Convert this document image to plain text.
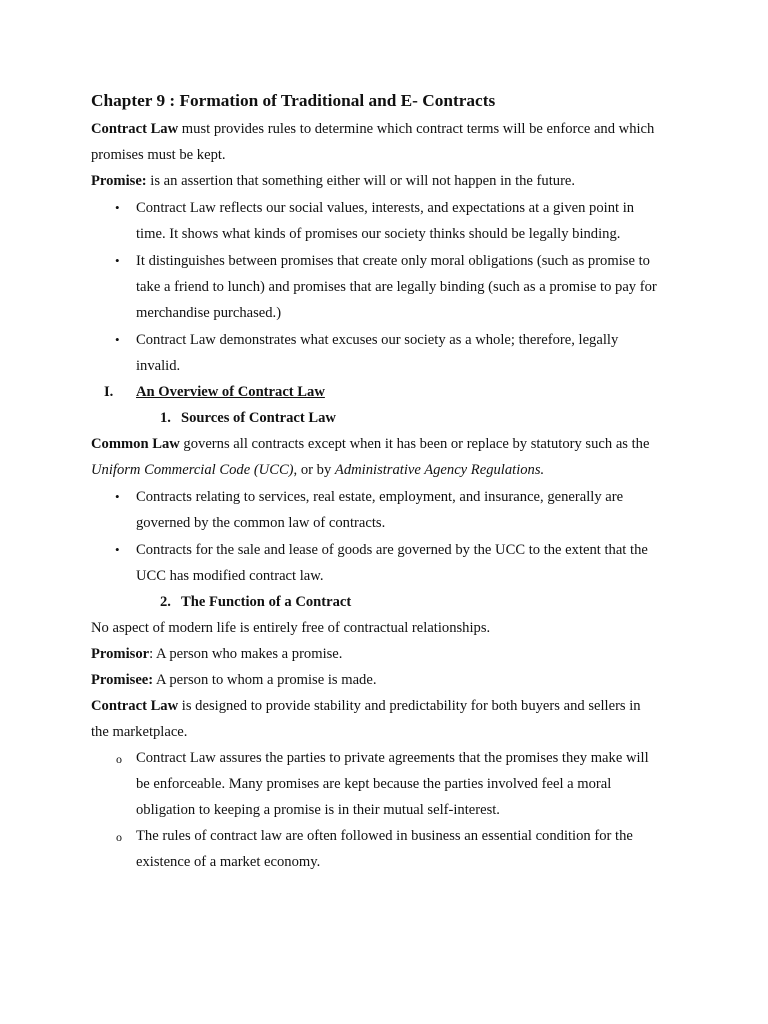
Chapter 9 : Formation of Traditional and E- Contracts
Contract Law must provides rules to determine which contract terms will be enforce and which
promises must be kept.
Promise: is an assertion that something either will or will not happen in the future.
• Contract Law reflects our social values, interests, and expectations at a given point in
time. It shows what kinds of promises our society thinks should be legally binding.
• It distinguishes between promises that create only moral obligations (such as promise to
take a friend to lunch) and promises that are legally binding (such as a promise to pay for
merchandise purchased.)
• Contract Law demonstrates what excuses our society as a whole; therefore, legally
invalid.
I. An Overview of Contract Law
1. Sources of Contract Law
Common Law governs all contracts except when it has been or replace by statutory such as the
Uniform Commercial Code (UCC), or by Administrative Agency Regulations.
• Contracts relating to services, real estate, employment, and insurance, generally are
governed by the common law of contracts.
• Contracts for the sale and lease of goods are governed by the UCC to the extent that the
UCC has modified contract law.
2. The Function of a Contract
No aspect of modern life is entirely free of contractual relationships.
Promisor: A person who makes a promise.
Promisee: A person to whom a promise is made.
Contract Law is designed to provide stability and predictability for both buyers and sellers in
the marketplace.
o Contract Law assures the parties to private agreements that the promises they make will
be enforceable. Many promises are kept because the parties involved feel a moral
obligation to keeping a promise is in their mutual self-interest.
o The rules of contract law are often followed in business an essential condition for the
existence of a market economy.
